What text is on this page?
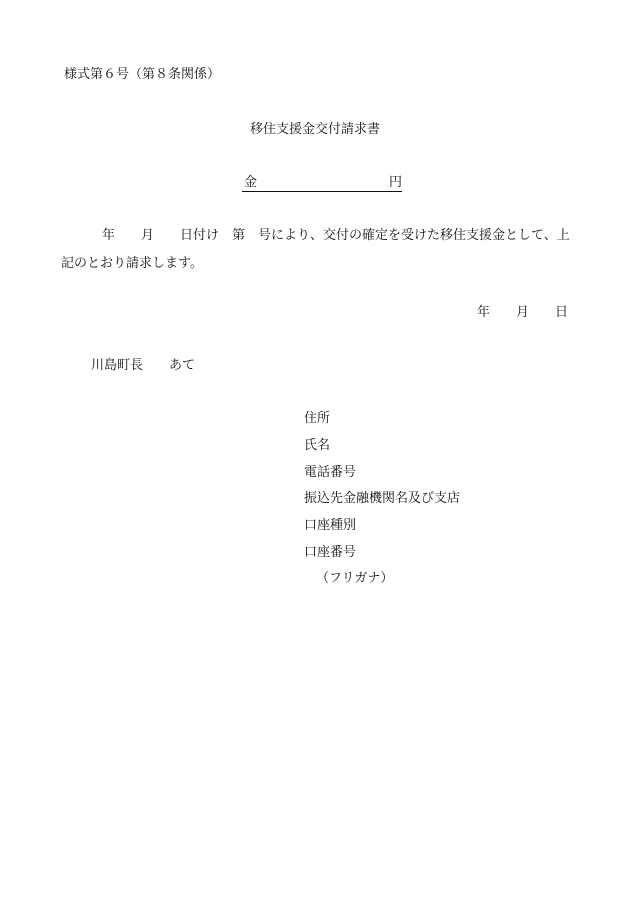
様式第６号（第８条関係）
移住支援金交付請求書
金	円
年　　月　　日付け　第　号により、交付の確定を受けた移住支援金として、上
記のとおり請求します。
年　　月　　日
川島町長　　あて
住所
氏名
電話番号
振込先金融機関名及び支店
口座種別
口座番号
（フリガナ）
